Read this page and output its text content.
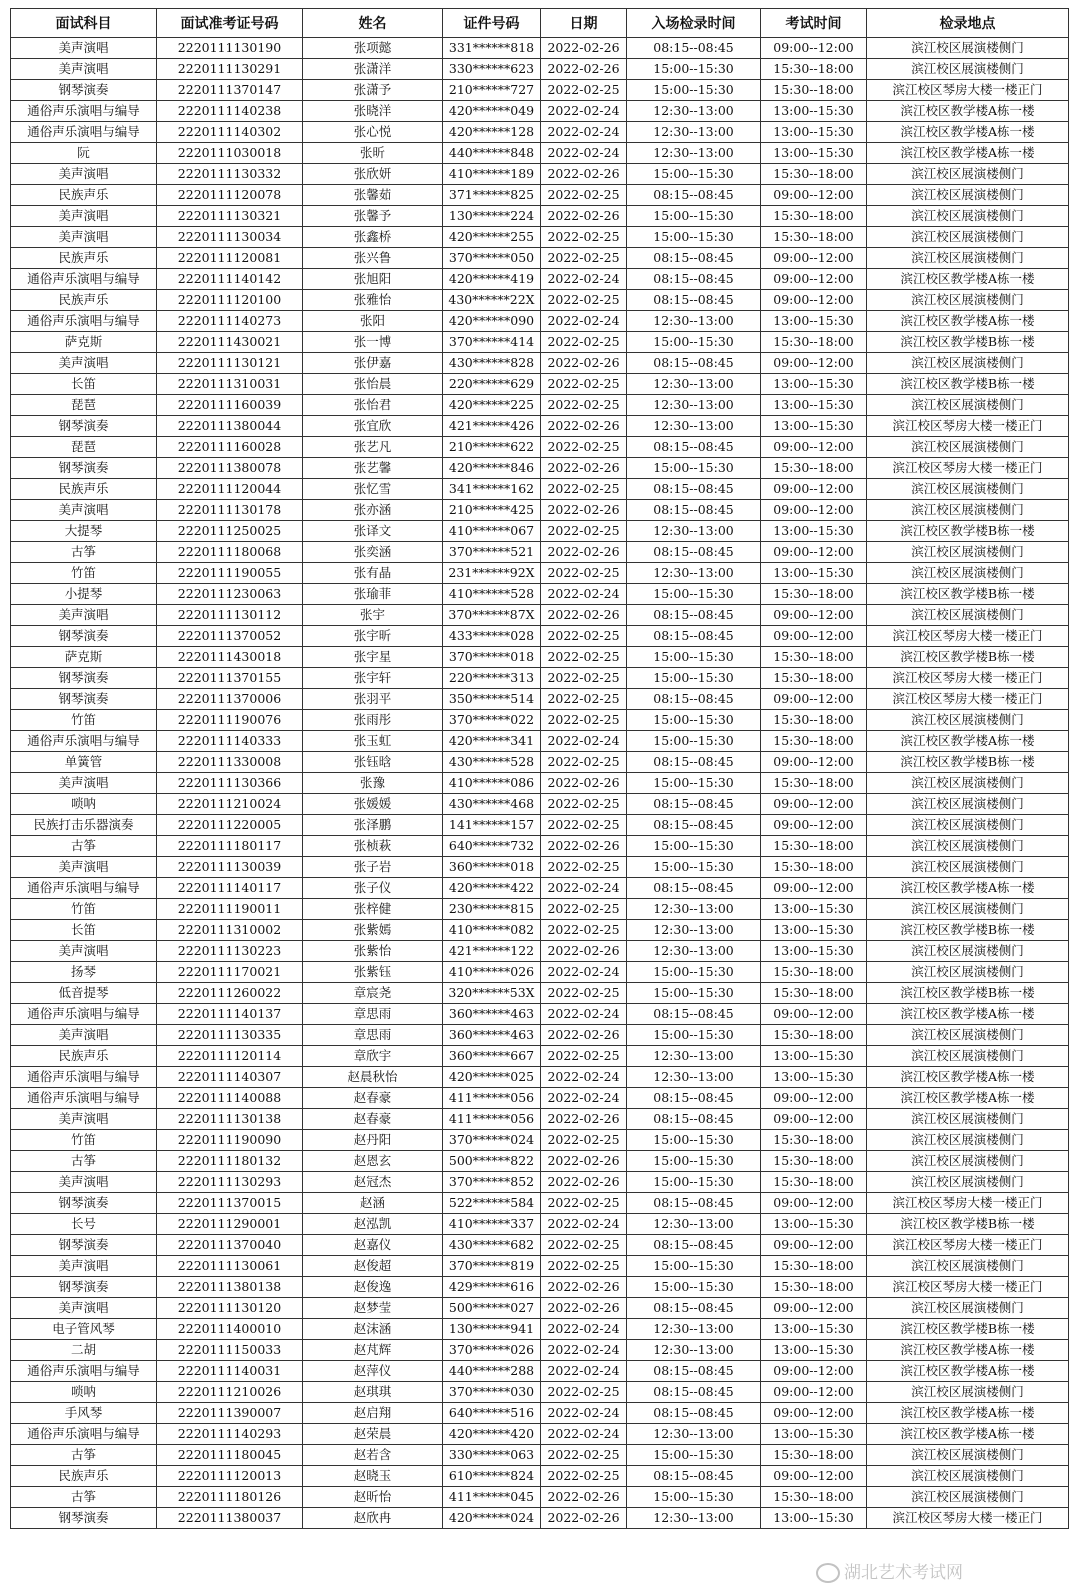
面试科目	面试准考证号码	姓名	证件号码	日期	入场检录时间	考试时间	检录地点
美声演唱	2220111130190	张项懿	331******818	2022-02-26	08:15--08:45	09:00--12:00	滨江校区展演楼侧门
美声演唱	2220111130291	张潇洋	330******623	2022-02-26	15:00--15:30	15:30--18:00	滨江校区展演楼侧门
钢琴演奏	2220111370147	张潇予	210******727	2022-02-25	15:00--15:30	15:30--18:00	滨江校区琴房大楼一楼正门
通俗声乐演唱与编导	2220111140238	张晓洋	420******049	2022-02-24	12:30--13:00	13:00--15:30	滨江校区教学楼A栋一楼
通俗声乐演唱与编导	2220111140302	张心悦	420******128	2022-02-24	12:30--13:00	13:00--15:30	滨江校区教学楼A栋一楼
阮	2220111030018	张昕	440******848	2022-02-24	12:30--13:00	13:00--15:30	滨江校区教学楼A栋一楼
美声演唱	2220111130332	张欣妍	410******189	2022-02-26	15:00--15:30	15:30--18:00	滨江校区展演楼侧门
民族声乐	2220111120078	张馨茹	371******825	2022-02-25	08:15--08:45	09:00--12:00	滨江校区展演楼侧门
美声演唱	2220111130321	张馨予	130******224	2022-02-26	15:00--15:30	15:30--18:00	滨江校区展演楼侧门
美声演唱	2220111130034	张鑫桥	420******255	2022-02-25	15:00--15:30	15:30--18:00	滨江校区展演楼侧门
民族声乐	2220111120081	张兴鲁	370******050	2022-02-25	08:15--08:45	09:00--12:00	滨江校区展演楼侧门
通俗声乐演唱与编导	2220111140142	张旭阳	420******419	2022-02-24	08:15--08:45	09:00--12:00	滨江校区教学楼A栋一楼
民族声乐	2220111120100	张雅怡	430******22X	2022-02-25	08:15--08:45	09:00--12:00	滨江校区展演楼侧门
通俗声乐演唱与编导	2220111140273	张阳	420******090	2022-02-24	12:30--13:00	13:00--15:30	滨江校区教学楼A栋一楼
萨克斯	2220111430021	张一博	370******414	2022-02-25	15:00--15:30	15:30--18:00	滨江校区教学楼B栋一楼
美声演唱	2220111130121	张伊嘉	430******828	2022-02-26	08:15--08:45	09:00--12:00	滨江校区展演楼侧门
长笛	2220111310031	张怡晨	220******629	2022-02-25	12:30--13:00	13:00--15:30	滨江校区教学楼B栋一楼
琵琶	2220111160039	张怡君	420******225	2022-02-25	12:30--13:00	13:00--15:30	滨江校区展演楼侧门
钢琴演奏	2220111380044	张宜欣	421******426	2022-02-26	12:30--13:00	13:00--15:30	滨江校区琴房大楼一楼正门
琵琶	2220111160028	张艺凡	210******622	2022-02-25	08:15--08:45	09:00--12:00	滨江校区展演楼侧门
钢琴演奏	2220111380078	张艺馨	420******846	2022-02-26	15:00--15:30	15:30--18:00	滨江校区琴房大楼一楼正门
民族声乐	2220111120044	张忆雪	341******162	2022-02-25	08:15--08:45	09:00--12:00	滨江校区展演楼侧门
美声演唱	2220111130178	张亦涵	210******425	2022-02-26	08:15--08:45	09:00--12:00	滨江校区展演楼侧门
大提琴	2220111250025	张译文	410******067	2022-02-25	12:30--13:00	13:00--15:30	滨江校区教学楼B栋一楼
古筝	2220111180068	张奕涵	370******521	2022-02-26	08:15--08:45	09:00--12:00	滨江校区展演楼侧门
竹笛	2220111190055	张有晶	231******92X	2022-02-25	12:30--13:00	13:00--15:30	滨江校区展演楼侧门
小提琴	2220111230063	张瑜菲	410******528	2022-02-24	15:00--15:30	15:30--18:00	滨江校区教学楼B栋一楼
美声演唱	2220111130112	张宇	370******87X	2022-02-26	08:15--08:45	09:00--12:00	滨江校区展演楼侧门
钢琴演奏	2220111370052	张宇昕	433******028	2022-02-25	08:15--08:45	09:00--12:00	滨江校区琴房大楼一楼正门
萨克斯	2220111430018	张宇星	370******018	2022-02-25	15:00--15:30	15:30--18:00	滨江校区教学楼B栋一楼
钢琴演奏	2220111370155	张宇轩	220******313	2022-02-25	15:00--15:30	15:30--18:00	滨江校区琴房大楼一楼正门
钢琴演奏	2220111370006	张羽平	350******514	2022-02-25	08:15--08:45	09:00--12:00	滨江校区琴房大楼一楼正门
竹笛	2220111190076	张雨彤	370******022	2022-02-25	15:00--15:30	15:30--18:00	滨江校区展演楼侧门
通俗声乐演唱与编导	2220111140333	张玉虹	420******341	2022-02-24	15:00--15:30	15:30--18:00	滨江校区教学楼A栋一楼
单簧管	2220111330008	张钰晗	430******528	2022-02-25	08:15--08:45	09:00--12:00	滨江校区教学楼B栋一楼
美声演唱	2220111130366	张豫	410******086	2022-02-26	15:00--15:30	15:30--18:00	滨江校区展演楼侧门
唢呐	2220111210024	张媛媛	430******468	2022-02-25	08:15--08:45	09:00--12:00	滨江校区展演楼侧门
民族打击乐器演奏	2220111220005	张泽鹏	141******157	2022-02-25	08:15--08:45	09:00--12:00	滨江校区展演楼侧门
古筝	2220111180117	张桢萩	640******732	2022-02-26	15:00--15:30	15:30--18:00	滨江校区展演楼侧门
美声演唱	2220111130039	张子岩	360******018	2022-02-25	15:00--15:30	15:30--18:00	滨江校区展演楼侧门
通俗声乐演唱与编导	2220111140117	张子仪	420******422	2022-02-24	08:15--08:45	09:00--12:00	滨江校区教学楼A栋一楼
竹笛	2220111190011	张梓健	230******815	2022-02-25	12:30--13:00	13:00--15:30	滨江校区展演楼侧门
长笛	2220111310002	张紫嫣	410******082	2022-02-25	12:30--13:00	13:00--15:30	滨江校区教学楼B栋一楼
美声演唱	2220111130223	张紫怡	421******122	2022-02-26	12:30--13:00	13:00--15:30	滨江校区展演楼侧门
扬琴	2220111170021	张紫钰	410******026	2022-02-24	15:00--15:30	15:30--18:00	滨江校区展演楼侧门
低音提琴	2220111260022	章宸尧	320******53X	2022-02-25	15:00--15:30	15:30--18:00	滨江校区教学楼B栋一楼
通俗声乐演唱与编导	2220111140137	章思雨	360******463	2022-02-24	08:15--08:45	09:00--12:00	滨江校区教学楼A栋一楼
美声演唱	2220111130335	章思雨	360******463	2022-02-26	15:00--15:30	15:30--18:00	滨江校区展演楼侧门
民族声乐	2220111120114	章欣宇	360******667	2022-02-25	12:30--13:00	13:00--15:30	滨江校区展演楼侧门
通俗声乐演唱与编导	2220111140307	赵晨秋怡	420******025	2022-02-24	12:30--13:00	13:00--15:30	滨江校区教学楼A栋一楼
通俗声乐演唱与编导	2220111140088	赵春豪	411******056	2022-02-24	08:15--08:45	09:00--12:00	滨江校区教学楼A栋一楼
美声演唱	2220111130138	赵春豪	411******056	2022-02-26	08:15--08:45	09:00--12:00	滨江校区展演楼侧门
竹笛	2220111190090	赵丹阳	370******024	2022-02-25	15:00--15:30	15:30--18:00	滨江校区展演楼侧门
古筝	2220111180132	赵恩玄	500******822	2022-02-26	15:00--15:30	15:30--18:00	滨江校区展演楼侧门
美声演唱	2220111130293	赵冠杰	370******852	2022-02-26	15:00--15:30	15:30--18:00	滨江校区展演楼侧门
钢琴演奏	2220111370015	赵涵	522******584	2022-02-25	08:15--08:45	09:00--12:00	滨江校区琴房大楼一楼正门
长号	2220111290001	赵泓凯	410******337	2022-02-24	12:30--13:00	13:00--15:30	滨江校区教学楼B栋一楼
钢琴演奏	2220111370040	赵嘉仪	430******682	2022-02-25	08:15--08:45	09:00--12:00	滨江校区琴房大楼一楼正门
美声演唱	2220111130061	赵俊超	370******819	2022-02-25	15:00--15:30	15:30--18:00	滨江校区展演楼侧门
钢琴演奏	2220111380138	赵俊逸	429******616	2022-02-26	15:00--15:30	15:30--18:00	滨江校区琴房大楼一楼正门
美声演唱	2220111130120	赵梦莹	500******027	2022-02-26	08:15--08:45	09:00--12:00	滨江校区展演楼侧门
电子管风琴	2220111400010	赵沫涵	130******941	2022-02-24	12:30--13:00	13:00--15:30	滨江校区教学楼B栋一楼
二胡	2220111150033	赵芃辉	370******026	2022-02-24	12:30--13:00	13:00--15:30	滨江校区教学楼A栋一楼
通俗声乐演唱与编导	2220111140031	赵萍仪	440******288	2022-02-24	08:15--08:45	09:00--12:00	滨江校区教学楼A栋一楼
唢呐	2220111210026	赵琪琪	370******030	2022-02-25	08:15--08:45	09:00--12:00	滨江校区展演楼侧门
手风琴	2220111390007	赵启翔	640******516	2022-02-24	08:15--08:45	09:00--12:00	滨江校区教学楼A栋一楼
通俗声乐演唱与编导	2220111140293	赵荣晨	420******420	2022-02-24	12:30--13:00	13:00--15:30	滨江校区教学楼A栋一楼
古筝	2220111180045	赵若含	330******063	2022-02-25	15:00--15:30	15:30--18:00	滨江校区展演楼侧门
民族声乐	2220111120013	赵晓玉	610******824	2022-02-25	08:15--08:45	09:00--12:00	滨江校区展演楼侧门
古筝	2220111180126	赵昕怡	411******045	2022-02-26	15:00--15:30	15:30--18:00	滨江校区展演楼侧门
钢琴演奏	2220111380037	赵欣冉	420******024	2022-02-26	12:30--13:00	13:00--15:30	滨江校区琴房大楼一楼正门
湖北艺术考试网
